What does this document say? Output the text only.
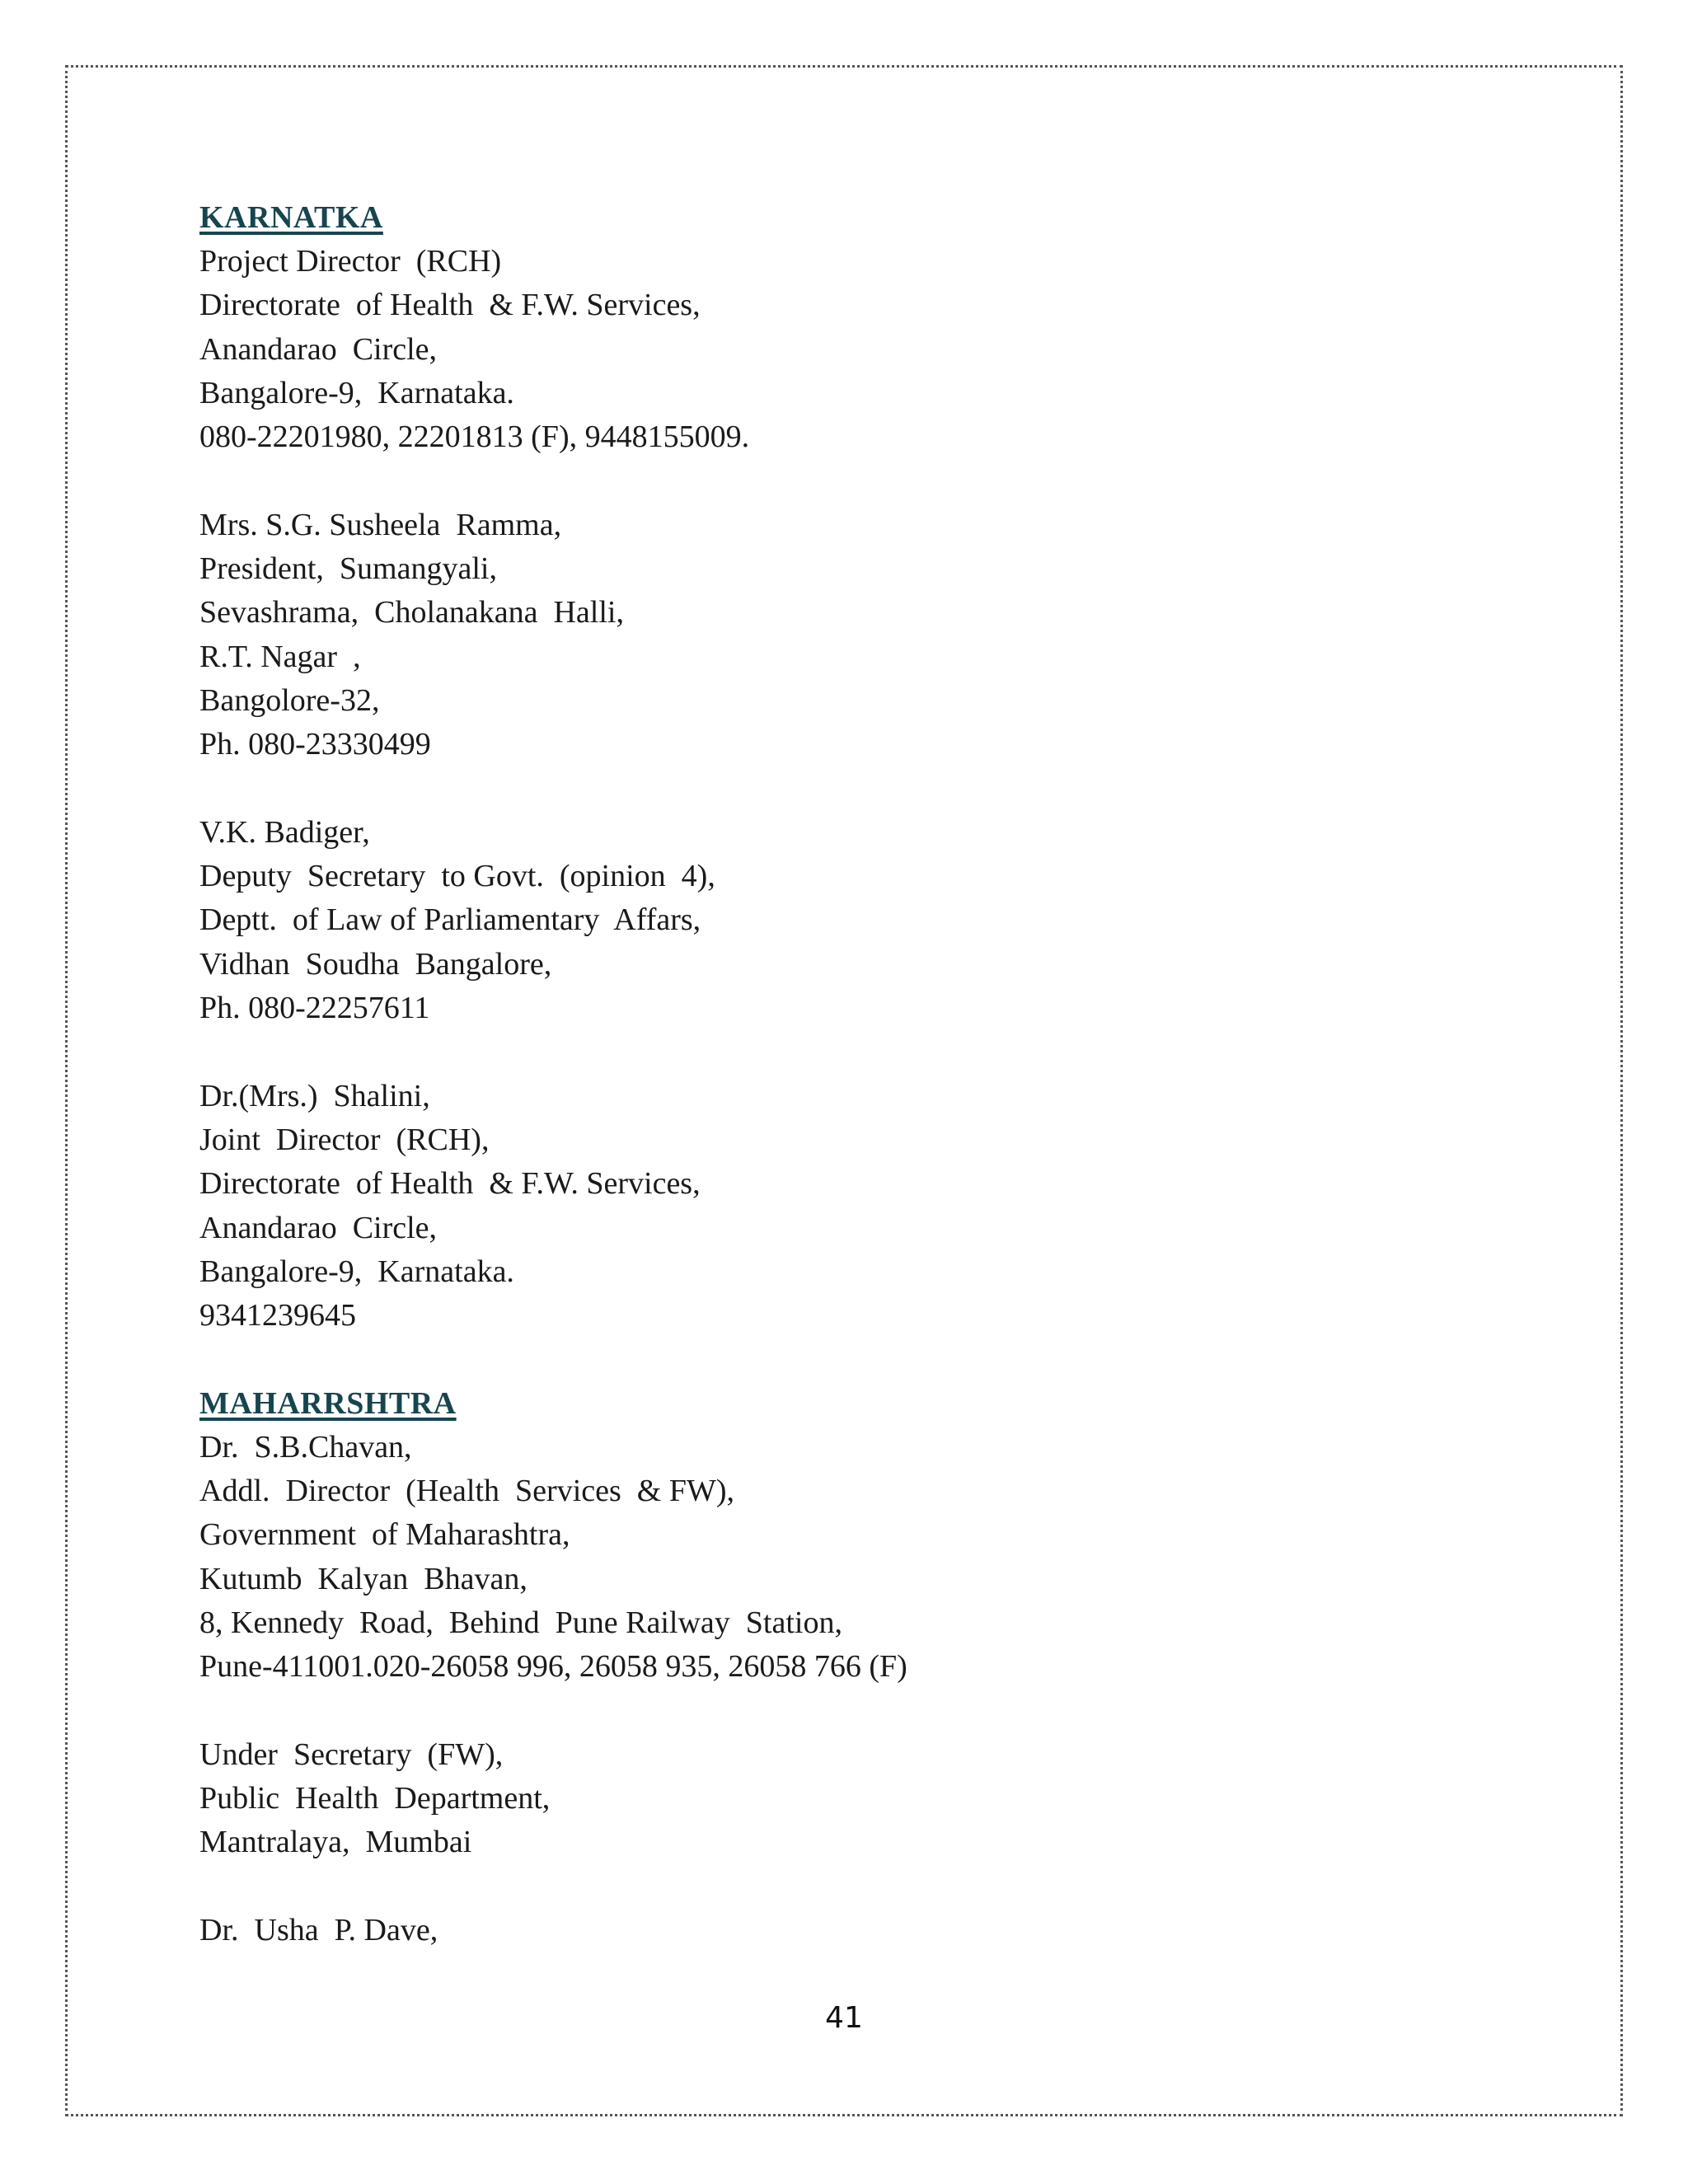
KARNATKA
Project Director  (RCH)
Directorate  of Health  & F.W. Services,
Anandarao  Circle,
Bangalore-9,  Karnataka.
080-22201980, 22201813 (F), 9448155009.
Mrs. S.G. Susheela  Ramma,
President,  Sumangyali,
Sevashrama,  Cholanakana  Halli,
R.T. Nagar  ,
Bangolore-32,
Ph. 080-23330499
V.K. Badiger,
Deputy  Secretary  to Govt.  (opinion  4),
Deptt.  of Law of Parliamentary  Affars,
Vidhan  Soudha  Bangalore,
Ph. 080-22257611
Dr.(Mrs.)  Shalini,
Joint  Director  (RCH),
Directorate  of Health  & F.W. Services,
Anandarao  Circle,
Bangalore-9,  Karnataka.
9341239645
MAHARRSHTRA
Dr.  S.B.Chavan,
Addl.  Director  (Health  Services  & FW),
Government  of Maharashtra,
Kutumb  Kalyan  Bhavan,
8, Kennedy  Road,  Behind  Pune Railway  Station,
Pune-411001.020-26058 996, 26058 935, 26058 766 (F)
Under  Secretary  (FW),
Public  Health  Department,
Mantralaya,  Mumbai
Dr.  Usha  P. Dave,
41
